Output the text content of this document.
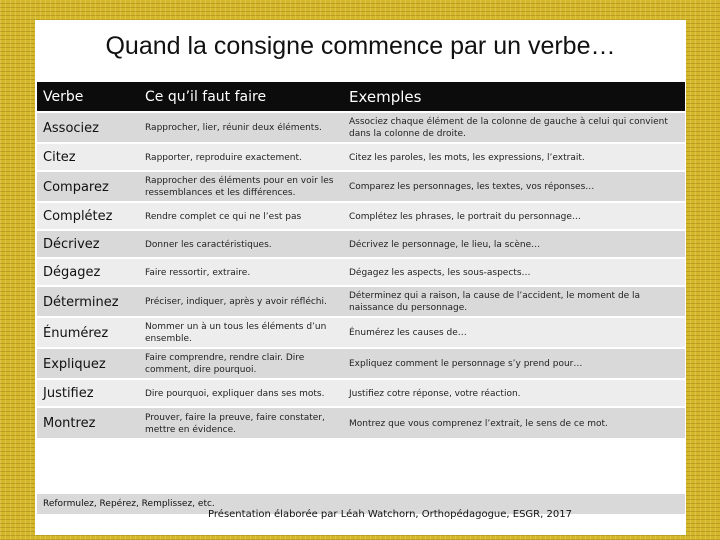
Quand la consigne commence par un verbe…
Verbe	Ce qu’il faut faire	Exemples
Associez	Rapprocher, lier, réunir deux éléments.	Associez chaque élément de la colonne de gauche à celui qui convient dans la colonne de droite.
Citez	Rapporter, reproduire exactement.	Citez les paroles, les mots, les expressions, l’extrait.
Comparez	Rapprocher des éléments pour en voir les ressemblances et les différences.	Comparez les personnages, les textes, vos réponses…
Complétez	Rendre complet ce qui ne l’est pas	Complétez les phrases, le portrait du personnage…
Décrivez	Donner les caractéristiques.	Décrivez le personnage, le lieu, la scène…
Dégagez	Faire ressortir, extraire.	Dégagez les aspects, les sous-aspects…
Déterminez	Préciser, indiquer, après y avoir réfléchi.	Déterminez qui a raison, la cause de l’accident, le moment de la naissance du personnage.
Énumérez	Nommer un à un tous les éléments d’un ensemble.	Énumérez les causes de…
Expliquez	Faire comprendre, rendre clair. Dire comment, dire pourquoi.	Expliquez comment le personnage s’y prend pour…
Justifiez	Dire pourquoi, expliquer dans ses mots.	Justifiez cotre réponse, votre réaction.
Montrez	Prouver, faire la preuve, faire constater, mettre en évidence.	Montrez que vous comprenez l’extrait, le sens de ce mot.
Reformulez, Repérez, Remplissez, etc.
Présentation élaborée par Léah Watchorn, Orthopédagogue, ESGR, 2017
